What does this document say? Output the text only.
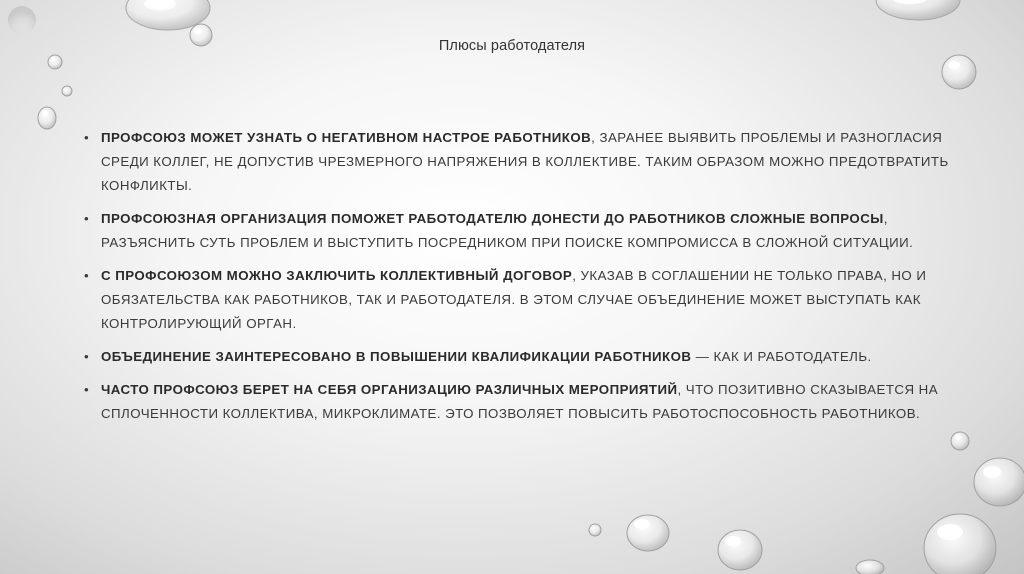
Плюсы работодателя
• ПРОФСОЮЗ МОЖЕТ УЗНАТЬ О НЕГАТИВНОМ НАСТРОЕ РАБОТНИКОВ, ЗАРАНЕЕ ВЫЯВИТЬ ПРОБЛЕМЫ И РАЗНОГЛАСИЯ СРЕДИ КОЛЛЕГ, НЕ ДОПУСТИВ ЧРЕЗМЕРНОГО НАПРЯЖЕНИЯ В КОЛЛЕКТИВЕ. ТАКИМ ОБРАЗОМ МОЖНО ПРЕДОТВРАТИТЬ КОНФЛИКТЫ.
• ПРОФСОЮЗНАЯ ОРГАНИЗАЦИЯ ПОМОЖЕТ РАБОТОДАТЕЛЮ ДОНЕСТИ ДО РАБОТНИКОВ СЛОЖНЫЕ ВОПРОСЫ, РАЗЪЯСНИТЬ СУТЬ ПРОБЛЕМ И ВЫСТУПИТЬ ПОСРЕДНИКОМ ПРИ ПОИСКЕ КОМПРОМИССА В СЛОЖНОЙ СИТУАЦИИ.
• С ПРОФСОЮЗОМ МОЖНО ЗАКЛЮЧИТЬ КОЛЛЕКТИВНЫЙ ДОГОВОР, УКАЗАВ В СОГЛАШЕНИИ НЕ ТОЛЬКО ПРАВА, НО И ОБЯЗАТЕЛЬСТВА КАК РАБОТНИКОВ, ТАК И РАБОТОДАТЕЛЯ. В ЭТОМ СЛУЧАЕ ОБЪЕДИНЕНИЕ МОЖЕТ ВЫСТУПАТЬ КАК КОНТРОЛИРУЮЩИЙ ОРГАН.
• ОБЪЕДИНЕНИЕ ЗАИНТЕРЕСОВАНО В ПОВЫШЕНИИ КВАЛИФИКАЦИИ РАБОТНИКОВ — КАК И РАБОТОДАТЕЛЬ.
• ЧАСТО ПРОФСОЮЗ БЕРЕТ НА СЕБЯ ОРГАНИЗАЦИЮ РАЗЛИЧНЫХ МЕРОПРИЯТИЙ, ЧТО ПОЗИТИВНО СКАЗЫВАЕТСЯ НА СПЛОЧЕННОСТИ КОЛЛЕКТИВА, МИКРОКЛИМАТЕ. ЭТО ПОЗВОЛЯЕТ ПОВЫСИТЬ РАБОТОСПОСОБНОСТЬ РАБОТНИКОВ.
